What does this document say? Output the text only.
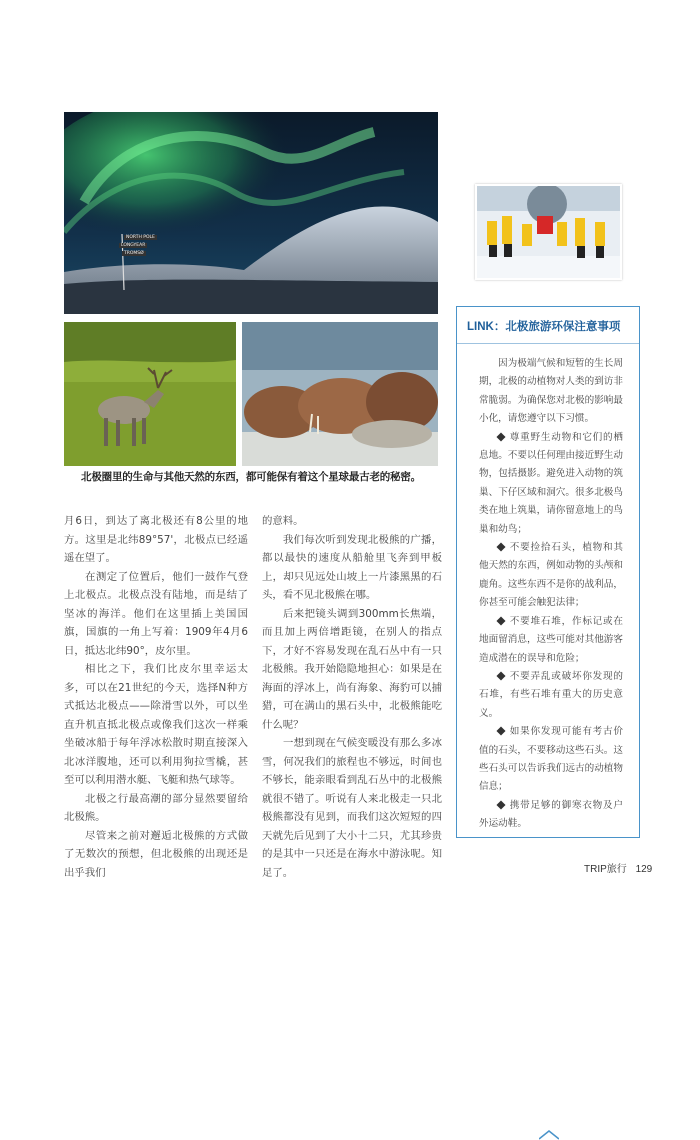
NORTH POLE
LONGYEAR
TROMSØ
北极圈里的生命与其他天然的东西，都可能保有着这个星球最古老的秘密。

月6日，到达了离北极还有8公里的地方。这里是北纬89°57'，北极点已经遥遥在望了。

在测定了位置后，他们一鼓作气登上北极点。北极点没有陆地，而是结了坚冰的海洋。他们在这里插上美国国旗，国旗的一角上写着：1909年4月6日，抵达北纬90°，皮尔里。

相比之下，我们比皮尔里幸运太多，可以在21世纪的今天，选择N种方式抵达北极点——除滑雪以外，可以坐直升机直抵北极点或像我们这次一样乘坐破冰船于每年浮冰松散时期直接深入北冰洋腹地，还可以利用狗拉雪橇，甚至可以利用潜水艇、飞艇和热气球等。

北极之行最高潮的部分显然要留给北极熊。

尽管来之前对邂逅北极熊的方式做了无数次的预想，但北极熊的出现还是出乎我们

的意料。

我们每次听到发现北极熊的广播，都以最快的速度从船舱里飞奔到甲板上，却只见远处山坡上一片漆黑黑的石头，看不见北极熊在哪。

后来把镜头调到300mm长焦端，而且加上两倍增距镜，在别人的指点下，才好不容易发现在乱石丛中有一只北极熊。我开始隐隐地担心：如果是在海面的浮冰上，尚有海象、海豹可以捕猎，可在满山的黑石头中，北极熊能吃什么呢？

一想到现在气候变暖没有那么多冰雪，何况我们的旅程也不够远，时间也不够长，能亲眼看到乱石丛中的北极熊就很不错了。听说有人来北极走一只北极熊都没有见到，而我们这次短短的四天就先后见到了大小十二只，尤其珍贵的是其中一只还是在海水中游泳呢。知足了。

LINK：北极旅游环保注意事项

因为极端气候和短暂的生长周期，北极的动植物对人类的到访非常脆弱。为确保您对北极的影响最小化，请您遵守以下习惯。

尊重野生动物和它们的栖息地。不要以任何理由接近野生动物，包括摄影。避免进入动物的筑巢、下仔区域和洞穴。很多北极鸟类在地上筑巢，请你留意地上的鸟巢和幼鸟；

不要捡拾石头，植物和其他天然的东西，例如动物的头颅和鹿角。这些东西不是你的战利品，你甚至可能会触犯法律；

不要堆石堆，作标记或在地面留消息，这些可能对其他游客造成潜在的误导和危险；

不要弄乱或破坏你发现的石堆，有些石堆有重大的历史意义。

如果你发现可能有考古价值的石头，不要移动这些石头。这些石头可以告诉我们远古的动植物信息；

携带足够的御寒衣物及户外运动鞋。

TRIP旅行 129
